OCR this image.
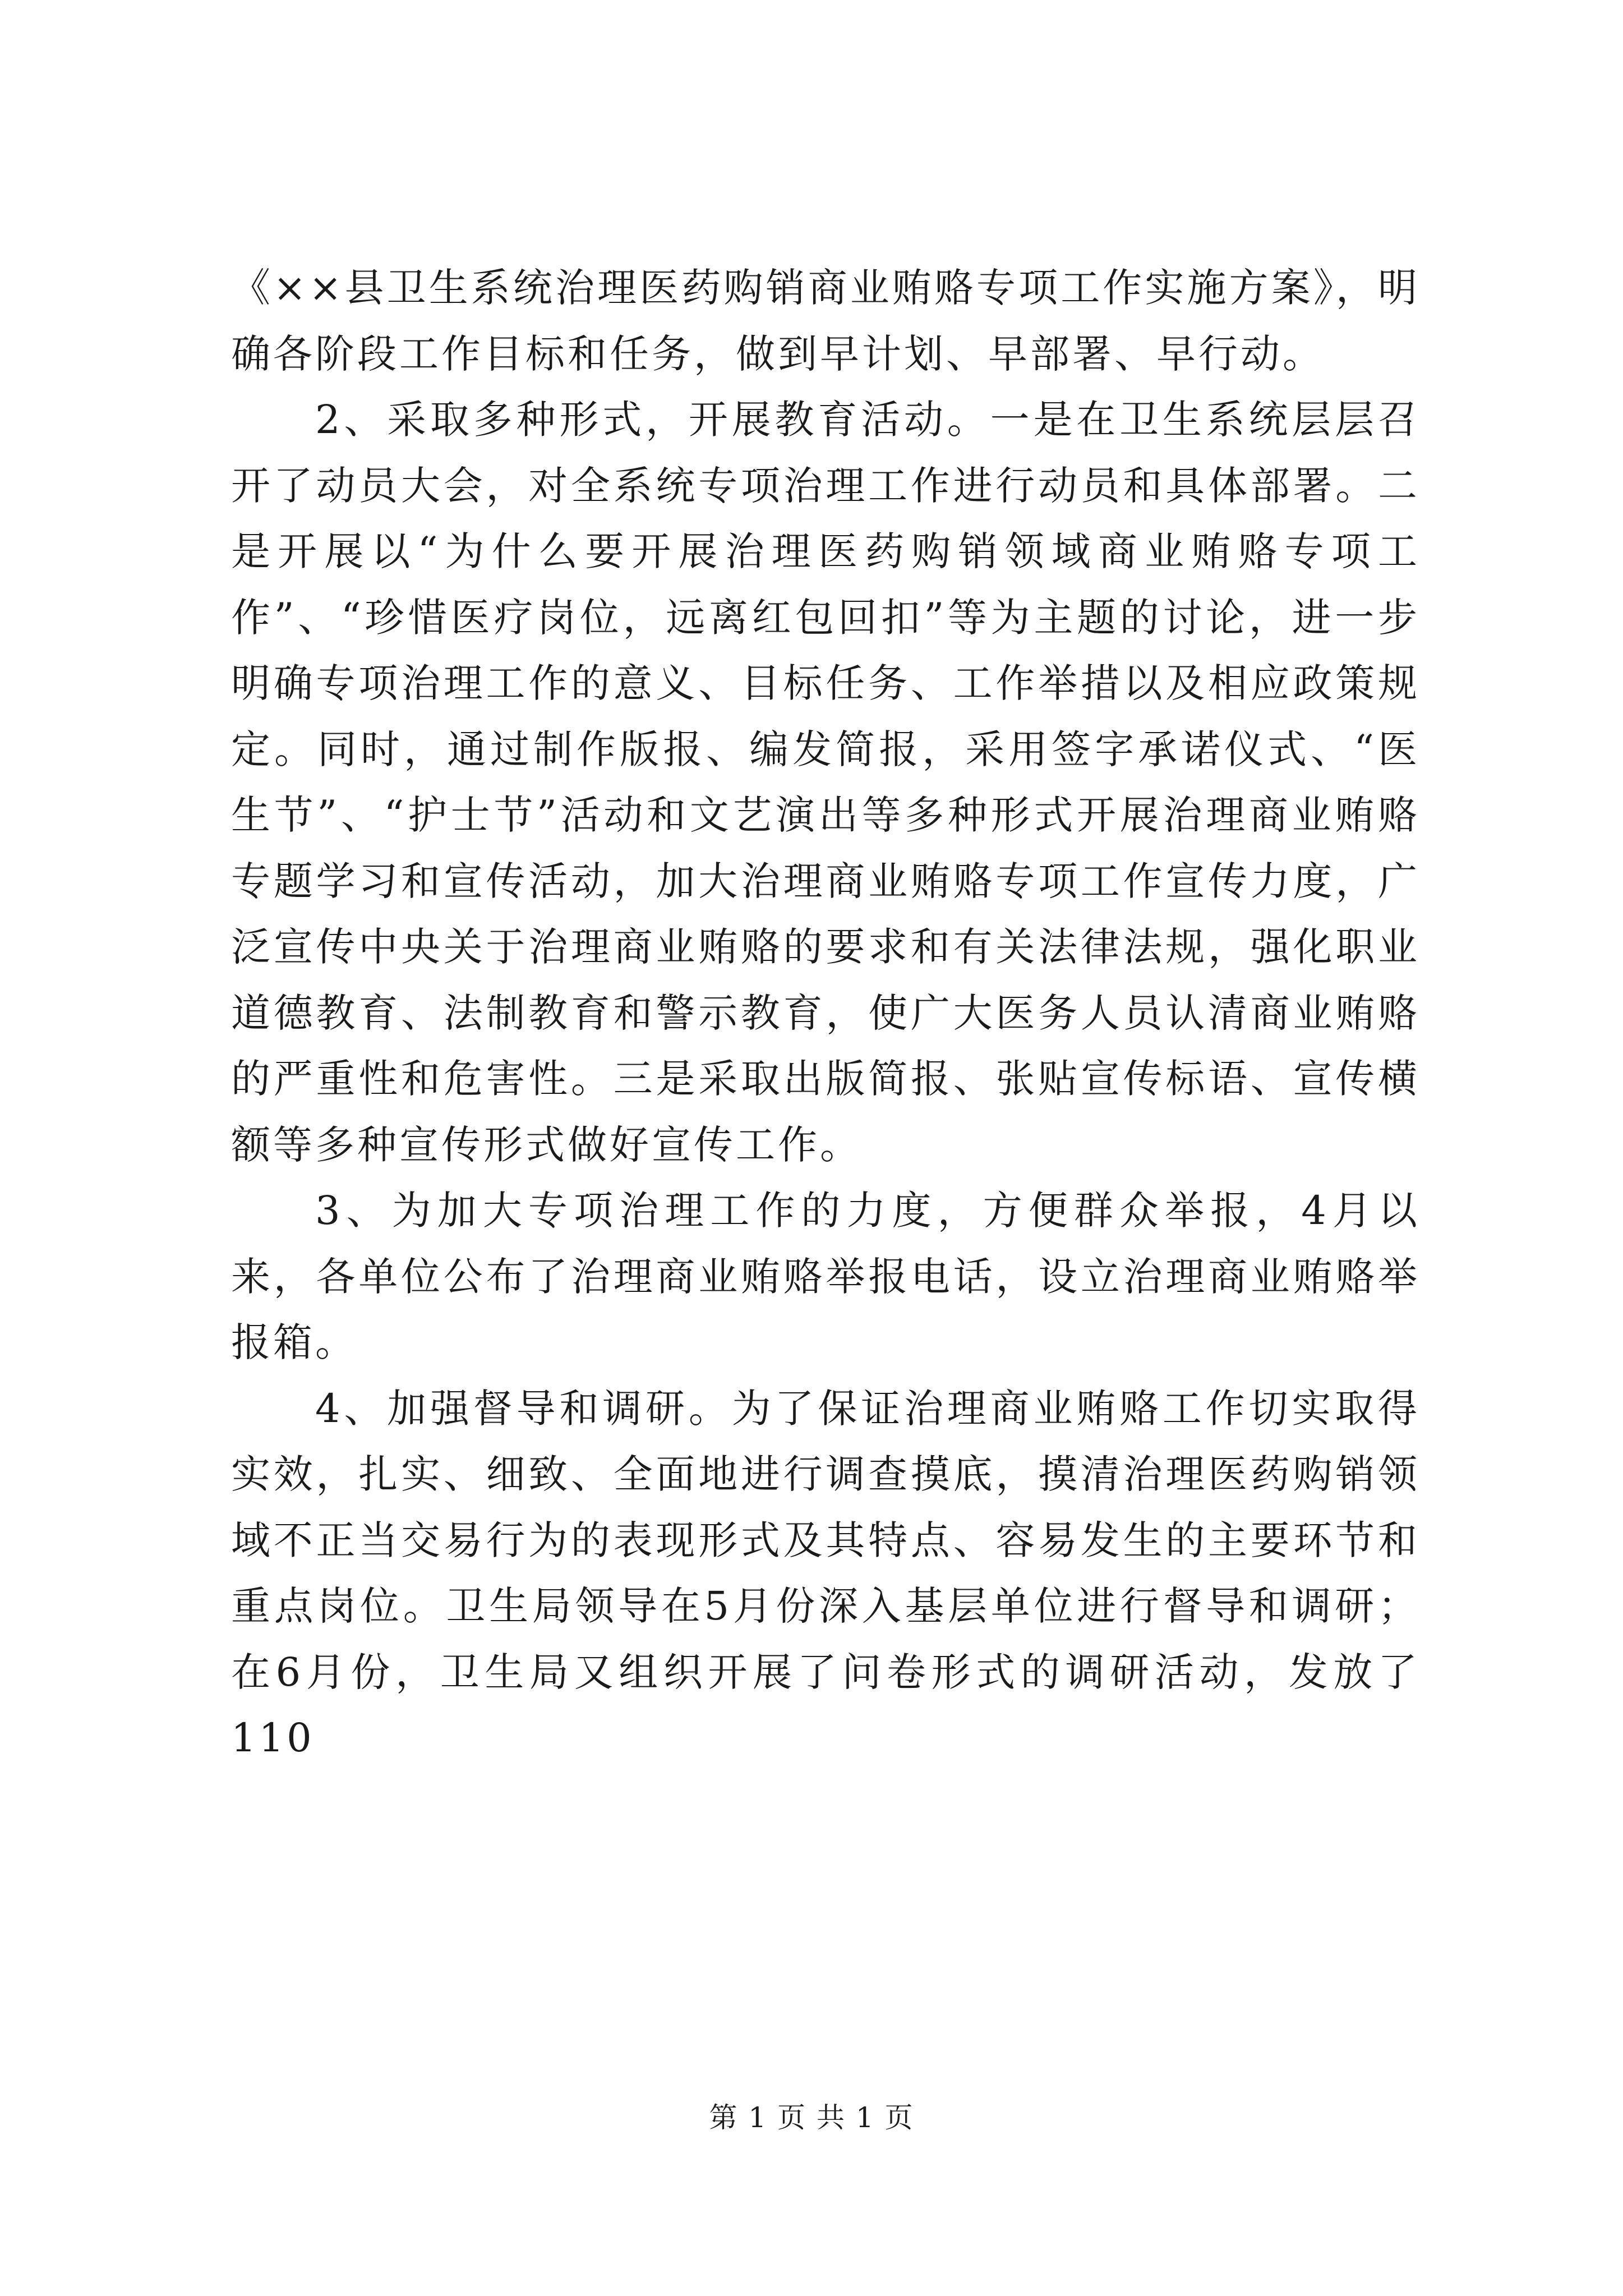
《××县卫生系统治理医药购销商业贿赂专项工作实施方案》，明确各阶段工作目标和任务，做到早计划、早部署、早行动。

2、采取多种形式，开展教育活动。一是在卫生系统层层召开了动员大会，对全系统专项治理工作进行动员和具体部署。二是开展以“为什么要开展治理医药购销领域商业贿赂专项工作”、“珍惜医疗岗位，远离红包回扣”等为主题的讨论，进一步明确专项治理工作的意义、目标任务、工作举措以及相应政策规定。同时，通过制作版报、编发简报，采用签字承诺仪式、“医生节”、“护士节”活动和文艺演出等多种形式开展治理商业贿赂专题学习和宣传活动，加大治理商业贿赂专项工作宣传力度，广泛宣传中央关于治理商业贿赂的要求和有关法律法规，强化职业道德教育、法制教育和警示教育，使广大医务人员认清商业贿赂的严重性和危害性。三是采取出版简报、张贴宣传标语、宣传横额等多种宣传形式做好宣传工作。

3、为加大专项治理工作的力度，方便群众举报，4月以来，各单位公布了治理商业贿赂举报电话，设立治理商业贿赂举报箱。

4、加强督导和调研。为了保证治理商业贿赂工作切实取得实效，扎实、细致、全面地进行调查摸底，摸清治理医药购销领域不正当交易行为的表现形式及其特点、容易发生的主要环节和重点岗位。卫生局领导在5月份深入基层单位进行督导和调研；在6月份，卫生局又组织开展了问卷形式的调研活动，发放了110

第 1 页 共 1 页
